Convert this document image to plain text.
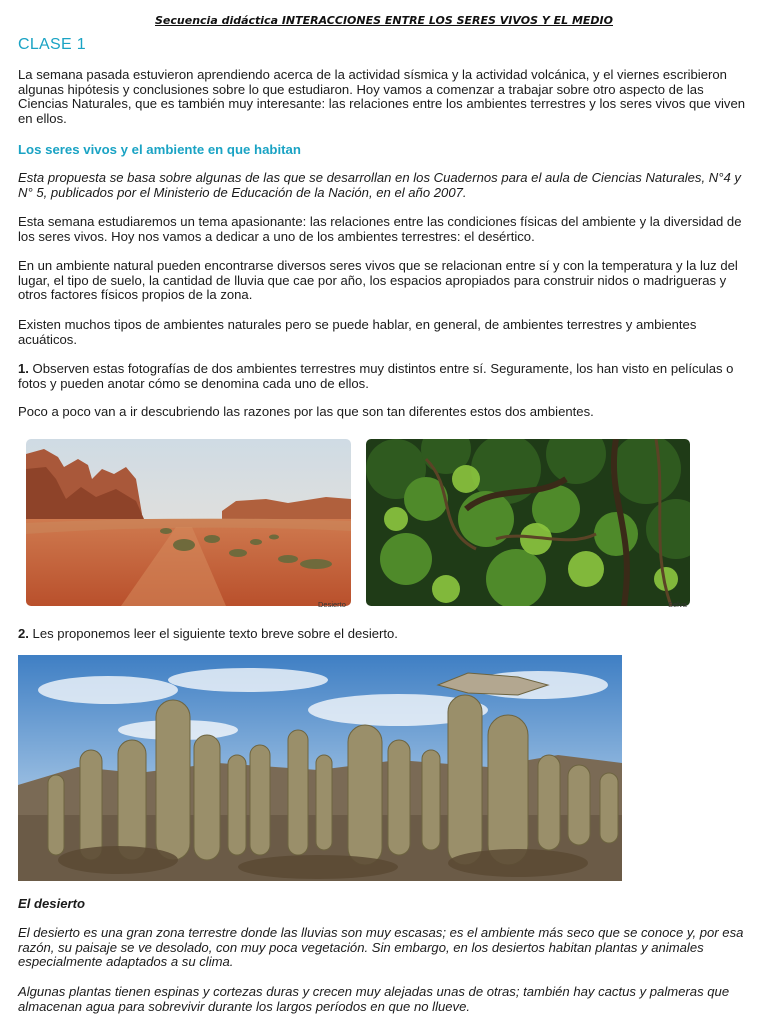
Secuencia didáctica INTERACCIONES ENTRE LOS SERES VIVOS Y EL MEDIO
CLASE 1

La semana pasada estuvieron aprendiendo acerca de la actividad sísmica y la actividad volcánica, y el viernes escribieron algunas hipótesis y conclusiones sobre lo que estudiaron. Hoy vamos a comenzar a trabajar sobre otro aspecto de las Ciencias Naturales, que es también muy interesante: las relaciones entre los ambientes terrestres y los seres vivos que viven en ellos.

Los seres vivos y el ambiente en que habitan

Esta propuesta se basa sobre algunas de las que se desarrollan en los Cuadernos para el aula de Ciencias Naturales, N°4 y N° 5, publicados por el Ministerio de Educación de la Nación, en el año 2007.

Esta semana estudiaremos un tema apasionante: las relaciones entre las condiciones físicas del ambiente y la diversidad de los seres vivos. Hoy nos vamos a dedicar a uno de los ambientes terrestres: el desértico.

En un ambiente natural pueden encontrarse diversos seres vivos que se relacionan entre sí y con la temperatura y la luz del lugar, el tipo de suelo, la cantidad de lluvia que cae por año, los espacios apropiados para construir nidos o madrigueras y otros factores físicos propios de la zona.

Existen muchos tipos de ambientes naturales pero se puede hablar, en general, de ambientes terrestres y ambientes acuáticos.

1. Observen estas fotografías de dos ambientes terrestres muy distintos entre sí. Seguramente, los han visto en películas o fotos y pueden anotar cómo se denomina cada uno de ellos.

Poco a poco van a ir descubriendo las razones por las que son tan diferentes estos dos ambientes.

Desierto	Selva

2. Les proponemos leer el siguiente texto breve sobre el desierto.

El desierto

El desierto es una gran zona terrestre donde las lluvias son muy escasas; es el ambiente más seco que se conoce y, por esa razón, su paisaje se ve desolado, con muy poca vegetación. Sin embargo, en los desiertos habitan plantas y animales especialmente adaptados a su clima.

Algunas plantas tienen espinas y cortezas duras y crecen muy alejadas unas de otras; también hay cactus y palmeras que almacenan agua para sobrevivir durante los largos períodos en que no llueve.
